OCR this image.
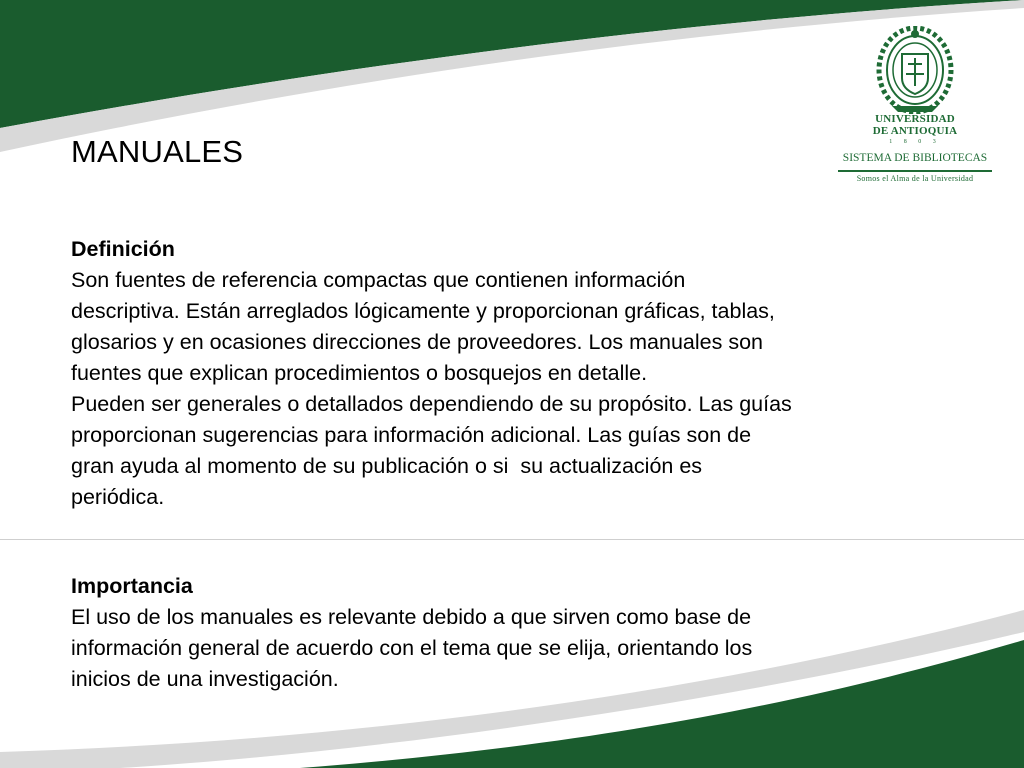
MANUALES
UNIVERSIDAD
DE ANTIOQUIA
1 8 0 3
SISTEMA DE BIBLIOTECAS
Somos el Alma de la Universidad
Definición
Son fuentes de referencia compactas que contienen información
descriptiva. Están arreglados lógicamente y proporcionan gráficas, tablas,
glosarios y en ocasiones direcciones de proveedores. Los manuales son
fuentes que explican procedimientos o bosquejos en detalle.
Pueden ser generales o detallados dependiendo de su propósito. Las guías
proporcionan sugerencias para información adicional. Las guías son de
gran ayuda al momento de su publicación o si  su actualización es
periódica.
Importancia
El uso de los manuales es relevante debido a que sirven como base de
información general de acuerdo con el tema que se elija, orientando los
inicios de una investigación.
